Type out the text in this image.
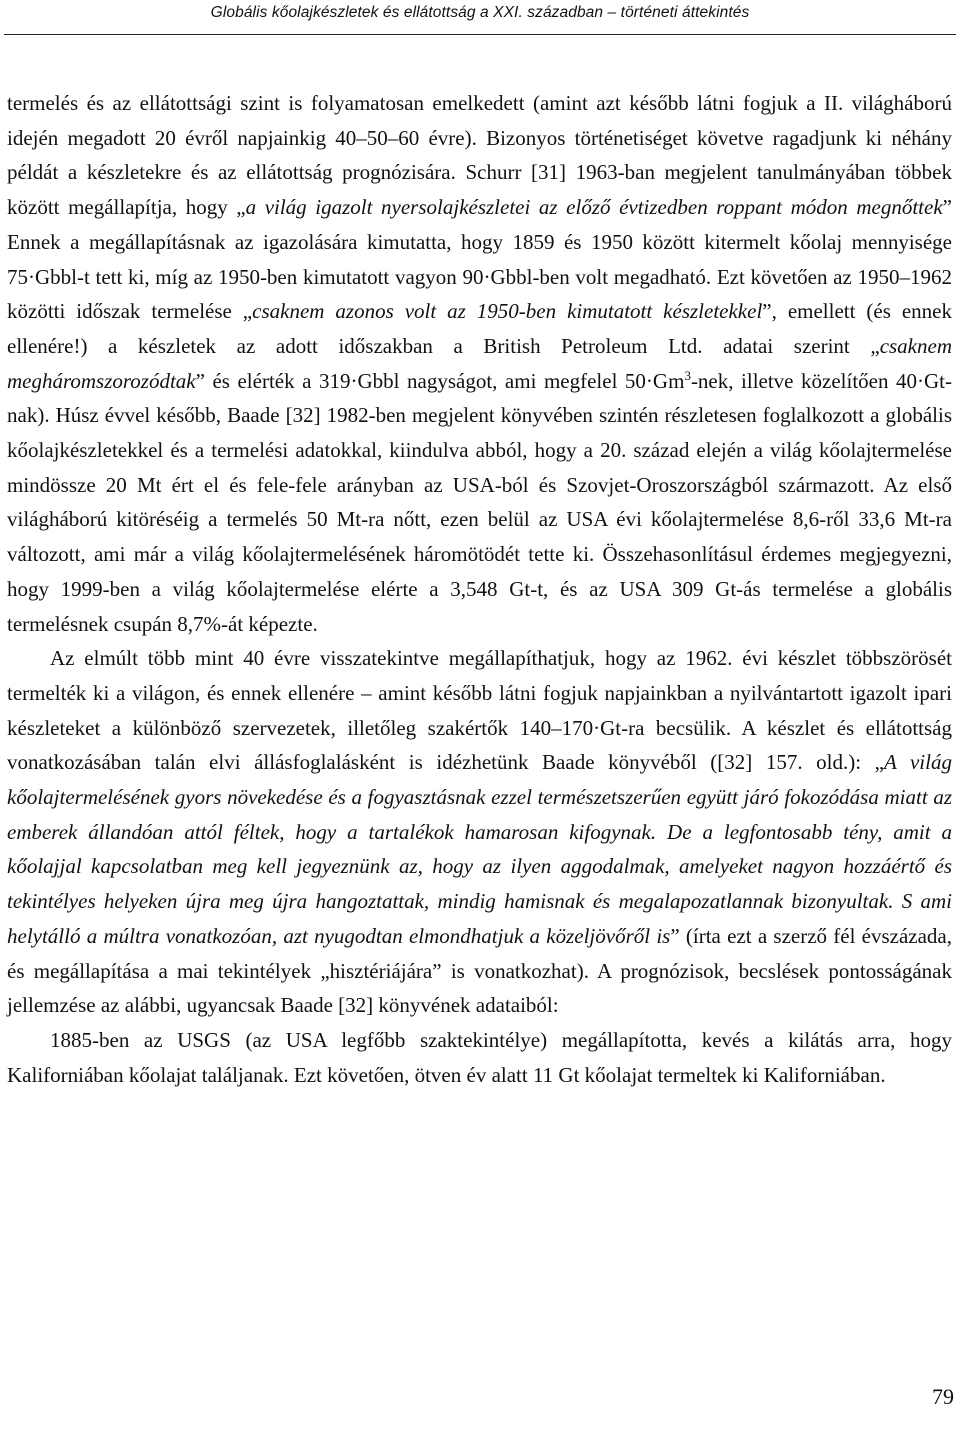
Globális kőolajkészletek és ellátottság a XXI. században – történeti áttekintés

termelés és az ellátottsági szint is folyamatosan emelkedett (amint azt később látni fogjuk a II. világháború idején megadott 20 évről napjainkig 40–50–60 évre). Bizonyos történetiséget követve ragadjunk ki néhány példát a készletekre és az ellátottság prognózisára. Schurr [31] 1963-ban megjelent tanulmányában többek között megállapítja, hogy „a világ igazolt nyersolajkészletei az előző évtizedben roppant módon megnőttek” Ennek a megállapításnak az igazolására kimutatta, hogy 1859 és 1950 között kitermelt kőolaj mennyisége 75·Gbbl-t tett ki, míg az 1950-ben kimutatott vagyon 90·Gbbl-ben volt megadható. Ezt követően az 1950–1962 közötti időszak termelése „csaknem azonos volt az 1950-ben kimutatott készletekkel”, emellett (és ennek ellenére!) a készletek az adott időszakban a British Petroleum Ltd. adatai szerint „csaknem megháromszorozódtak” és elérték a 319·Gbbl nagyságot, ami megfelel $50\cdot Gm^3$-nek, illetve közelítően 40·Gt-nak). Húsz évvel később, Baade [32] 1982-ben megjelent könyvében szintén részletesen foglalkozott a globális kőolajkészletekkel és a termelési adatokkal, kiindulva abból, hogy a 20. század elején a világ kőolajtermelése mindössze 20 Mt ért el és fele-fele arányban az USA-ból és Szovjet-Oroszországból származott. Az első világháború kitöréséig a termelés 50 Mt-ra nőtt, ezen belül az USA évi kőolajtermelése 8,6-ről 33,6 Mt-ra változott, ami már a világ kőolajtermelésének háromötödét tette ki. Összehasonlításul érdemes megjegyezni, hogy 1999-ben a világ kőolajtermelése elérte a 3,548 Gt-t, és az USA 309 Gt-ás termelése a globális termelésnek csupán 8,7%-át képezte.

Az elmúlt több mint 40 évre visszatekintve megállapíthatjuk, hogy az 1962. évi készlet többszörösét termelték ki a világon, és ennek ellenére – amint később látni fogjuk napjainkban a nyilvántartott igazolt ipari készleteket a különböző szervezetek, illetőleg szakértők 140–170·Gt-ra becsülik. A készlet és ellátottság vonatkozásában talán elvi állásfoglalásként is idézhetünk Baade könyvéből ([32] 157. old.): „A világ kőolajtermelésének gyors növekedése és a fogyasztásnak ezzel természetszerűen együtt járó fokozódása miatt az emberek állandóan attól féltek, hogy a tartalékok hamarosan kifogynak. De a legfontosabb tény, amit a kőolajjal kapcsolatban meg kell jegyeznünk az, hogy az ilyen aggodalmak, amelyeket nagyon hozzáértő és tekintélyes helyeken újra meg újra hangoztattak, mindig hamisnak és megalapozatlannak bizonyultak. S ami helytálló a múltra vonatkozóan, azt nyugodtan elmondhatjuk a közeljövőről is” (írta ezt a szerző fél évszázada, és megállapítása a mai tekintélyek „hisztériájára” is vonatkozhat). A prognózisok, becslések pontosságának jellemzése az alábbi, ugyancsak Baade [32] könyvének adataiból:

1885-ben az USGS (az USA legfőbb szaktekintélye) megállapította, kevés a kilátás arra, hogy Kaliforniában kőolajat találjanak. Ezt követően, ötven év alatt 11 Gt kőolajat termeltek ki Kaliforniában.

79
